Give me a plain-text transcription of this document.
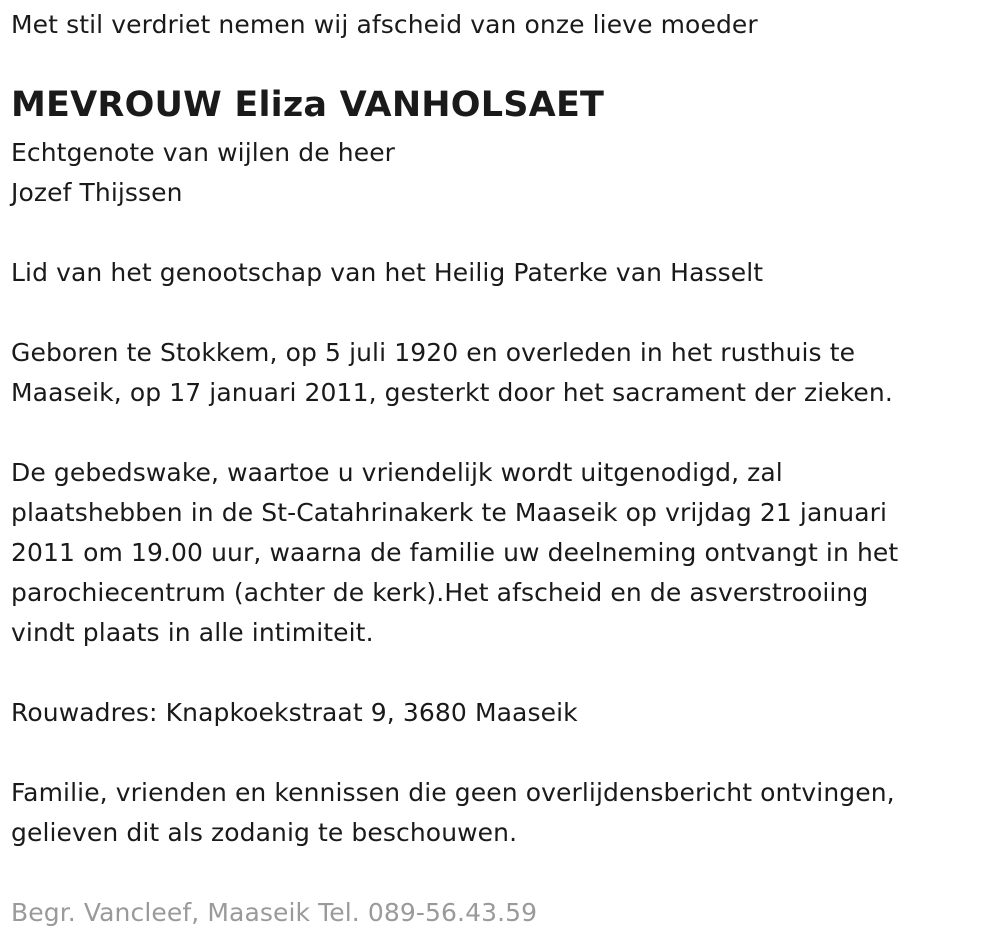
Met stil verdriet nemen wij afscheid van onze lieve moeder
MEVROUW Eliza VANHOLSAET
Echtgenote van wijlen de heer
Jozef Thijssen
Lid van het genootschap van het Heilig Paterke van Hasselt
Geboren te Stokkem, op 5 juli 1920 en overleden in het rusthuis te
Maaseik, op 17 januari 2011, gesterkt door het sacrament der zieken.
De gebedswake, waartoe u vriendelijk wordt uitgenodigd, zal
plaatshebben in de St-Catahrinakerk te Maaseik op vrijdag 21 januari
2011 om 19.00 uur, waarna de familie uw deelneming ontvangt in het
parochiecentrum (achter de kerk).Het afscheid en de asverstrooiing
vindt plaats in alle intimiteit.
Rouwadres: Knapkoekstraat 9, 3680 Maaseik
Familie, vrienden en kennissen die geen overlijdensbericht ontvingen,
gelieven dit als zodanig te beschouwen.
Begr. Vancleef, Maaseik Tel. 089-56.43.59
